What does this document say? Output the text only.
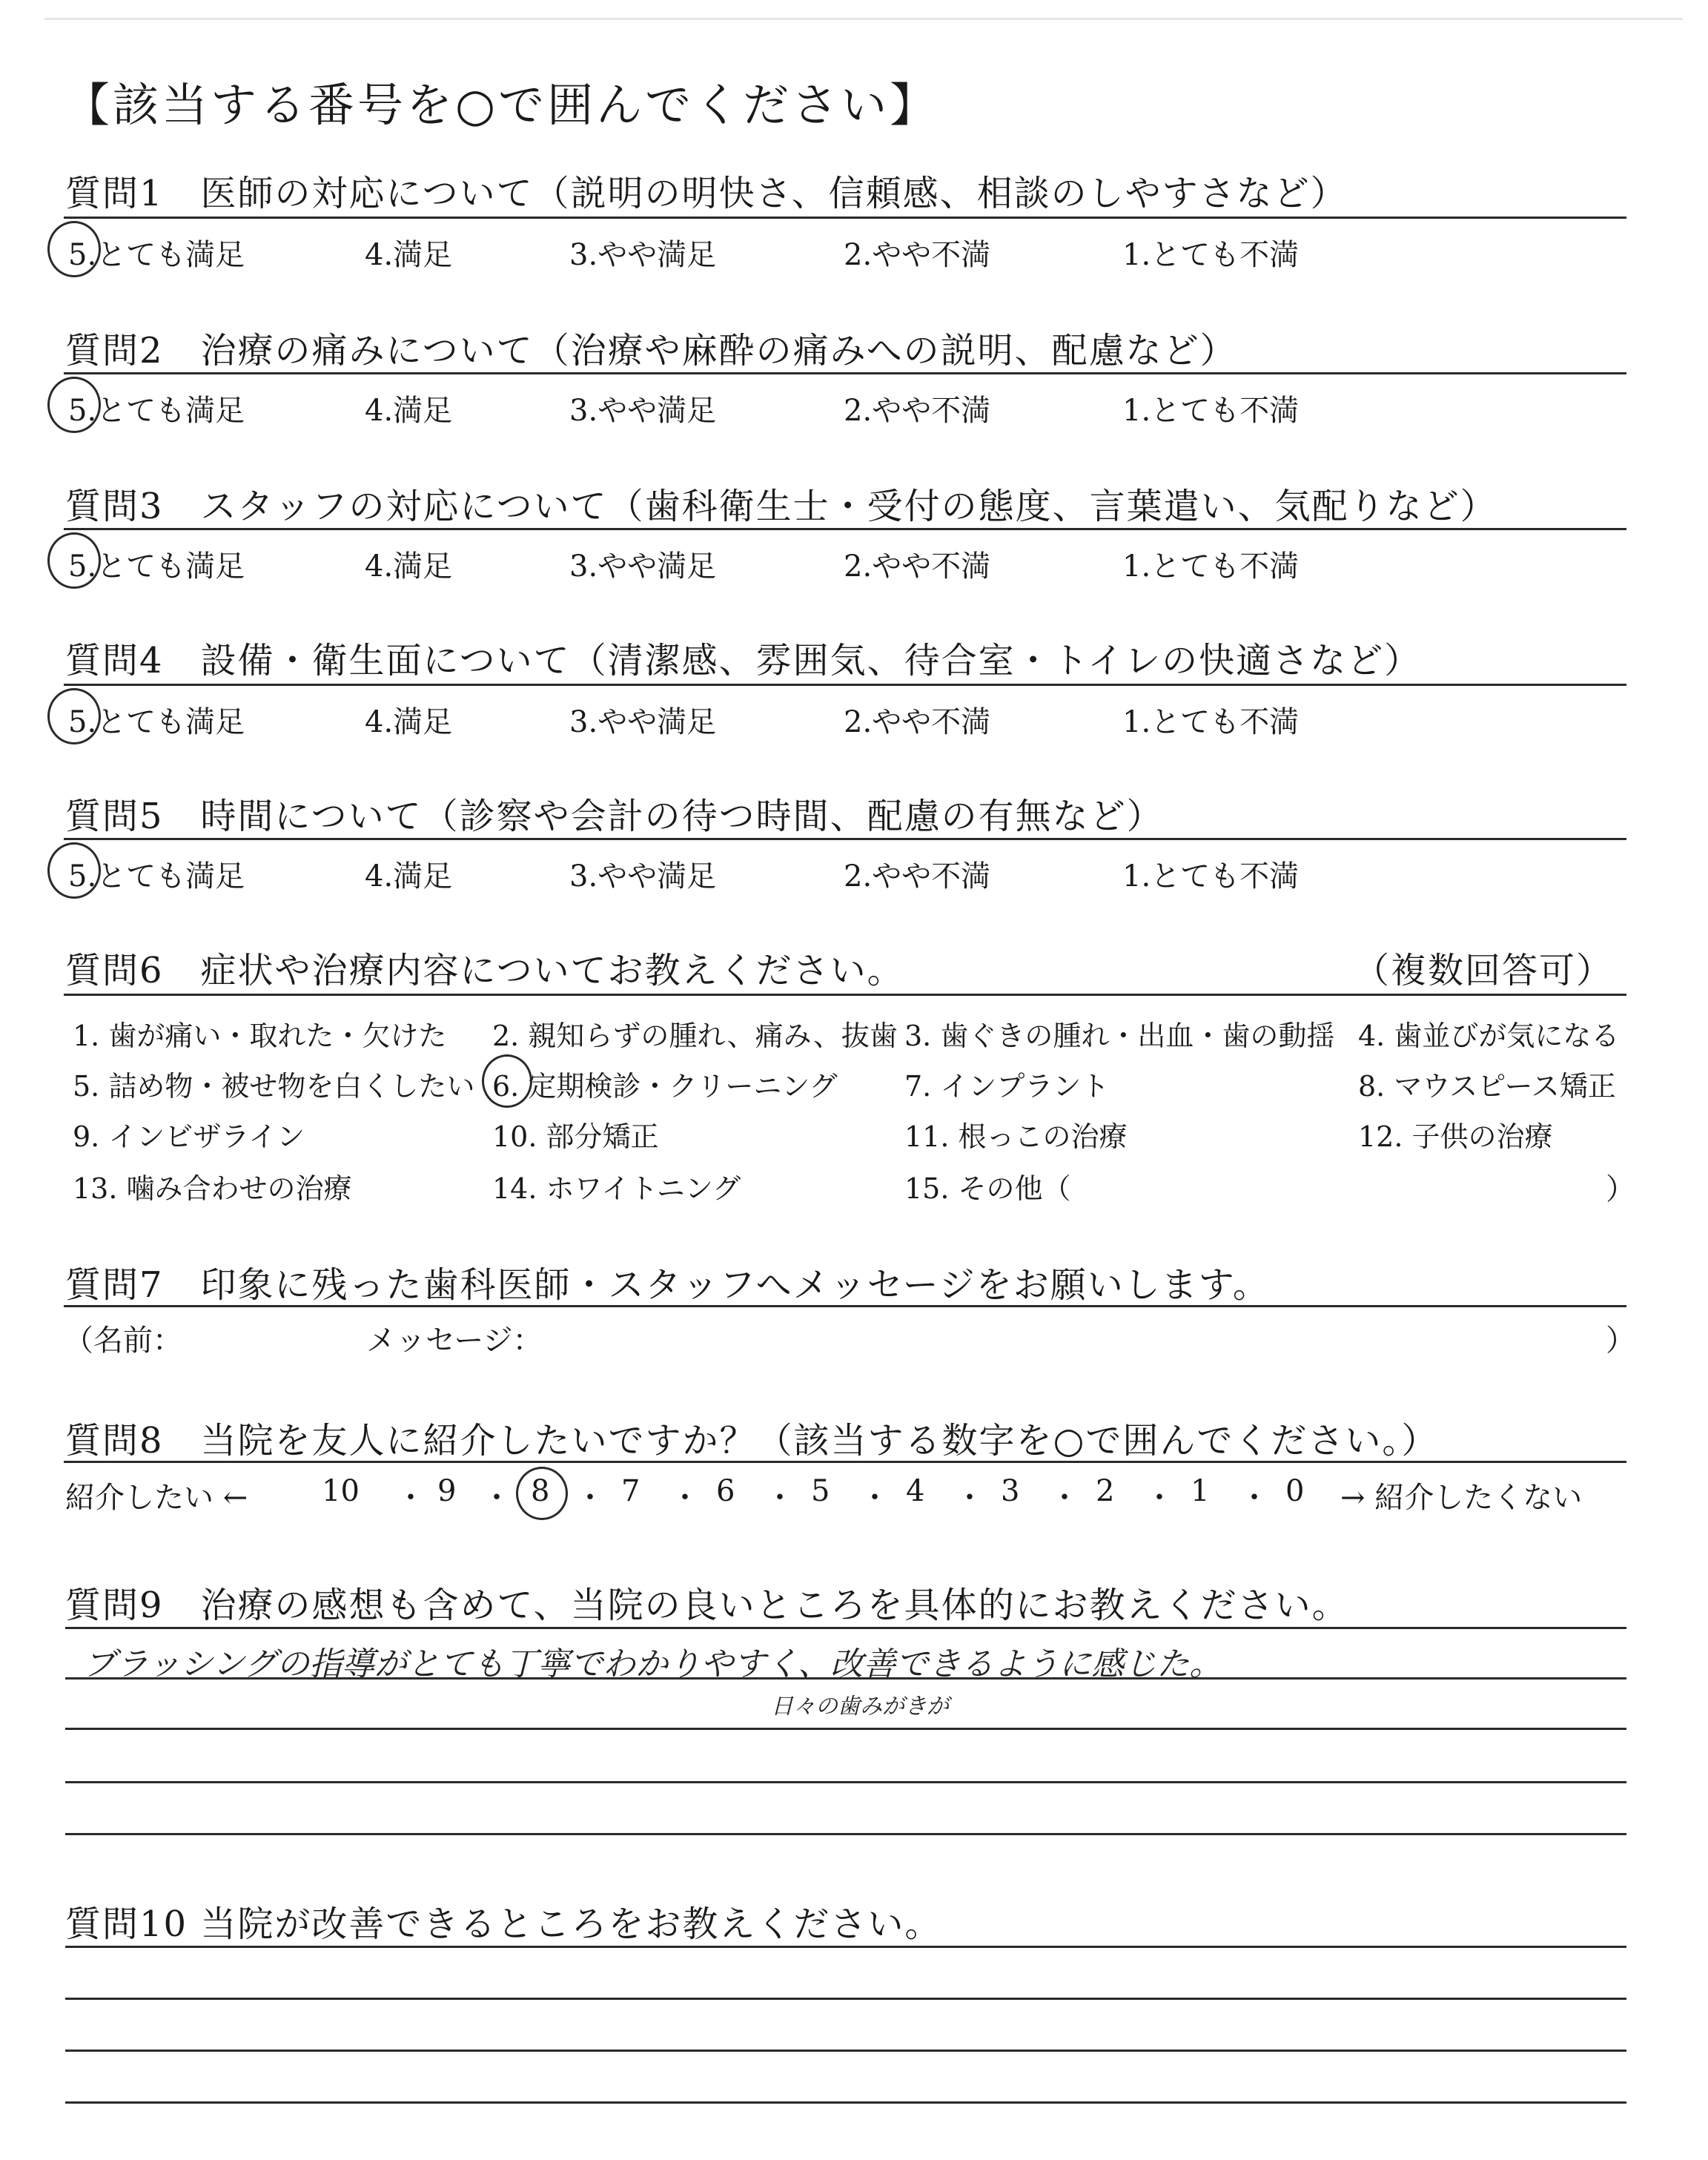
【該当する番号を○で囲んでください】
質問1　医師の対応について（説明の明快さ、信頼感、相談のしやすさなど）
5.とても満足	4.満足	3.やや満足	2.やや不満	1.とても不満
質問2　治療の痛みについて（治療や麻酔の痛みへの説明、配慮など）
5.とても満足	4.満足	3.やや満足	2.やや不満	1.とても不満
質問3　スタッフの対応について（歯科衛生士・受付の態度、言葉遣い、気配りなど）
5.とても満足	4.満足	3.やや満足	2.やや不満	1.とても不満
質問4　設備・衛生面について（清潔感、雰囲気、待合室・トイレの快適さなど）
5.とても満足	4.満足	3.やや満足	2.やや不満	1.とても不満
質問5　時間について（診察や会計の待つ時間、配慮の有無など）
5.とても満足	4.満足	3.やや満足	2.やや不満	1.とても不満
質問6　症状や治療内容についてお教えください。	（複数回答可）
1. 歯が痛い・取れた・欠けた 2. 親知らずの腫れ、痛み、抜歯 3. 歯ぐきの腫れ・出血・歯の動揺 4. 歯並びが気になる
5. 詰め物・被せ物を白くしたい 6. 定期検診・クリーニング 7. インプラント	8. マウスピース矯正
9. インビザライン	10. 部分矯正	11. 根っこの治療	12. 子供の治療
13. 噛み合わせの治療	14. ホワイトニング	15. その他（	）
質問7　印象に残った歯科医師・スタッフへメッセージをお願いします。
（名前：	メッセージ：	）
質問8　当院を友人に紹介したいですか？（該当する数字を○で囲んでください。）
紹介したい ← 10 ・ 9 ・ 8 ・ 7 ・ 6 ・ 5 ・ 4 ・ 3 ・ 2 ・ 1 ・ 0 → 紹介したくない
質問9　治療の感想も含めて、当院の良いところを具体的にお教えください。
ブラッシングの指導がとても丁寧でわかりやすく、改善できるように感じた。
日々の歯みがきが
質問10 当院が改善できるところをお教えください。
